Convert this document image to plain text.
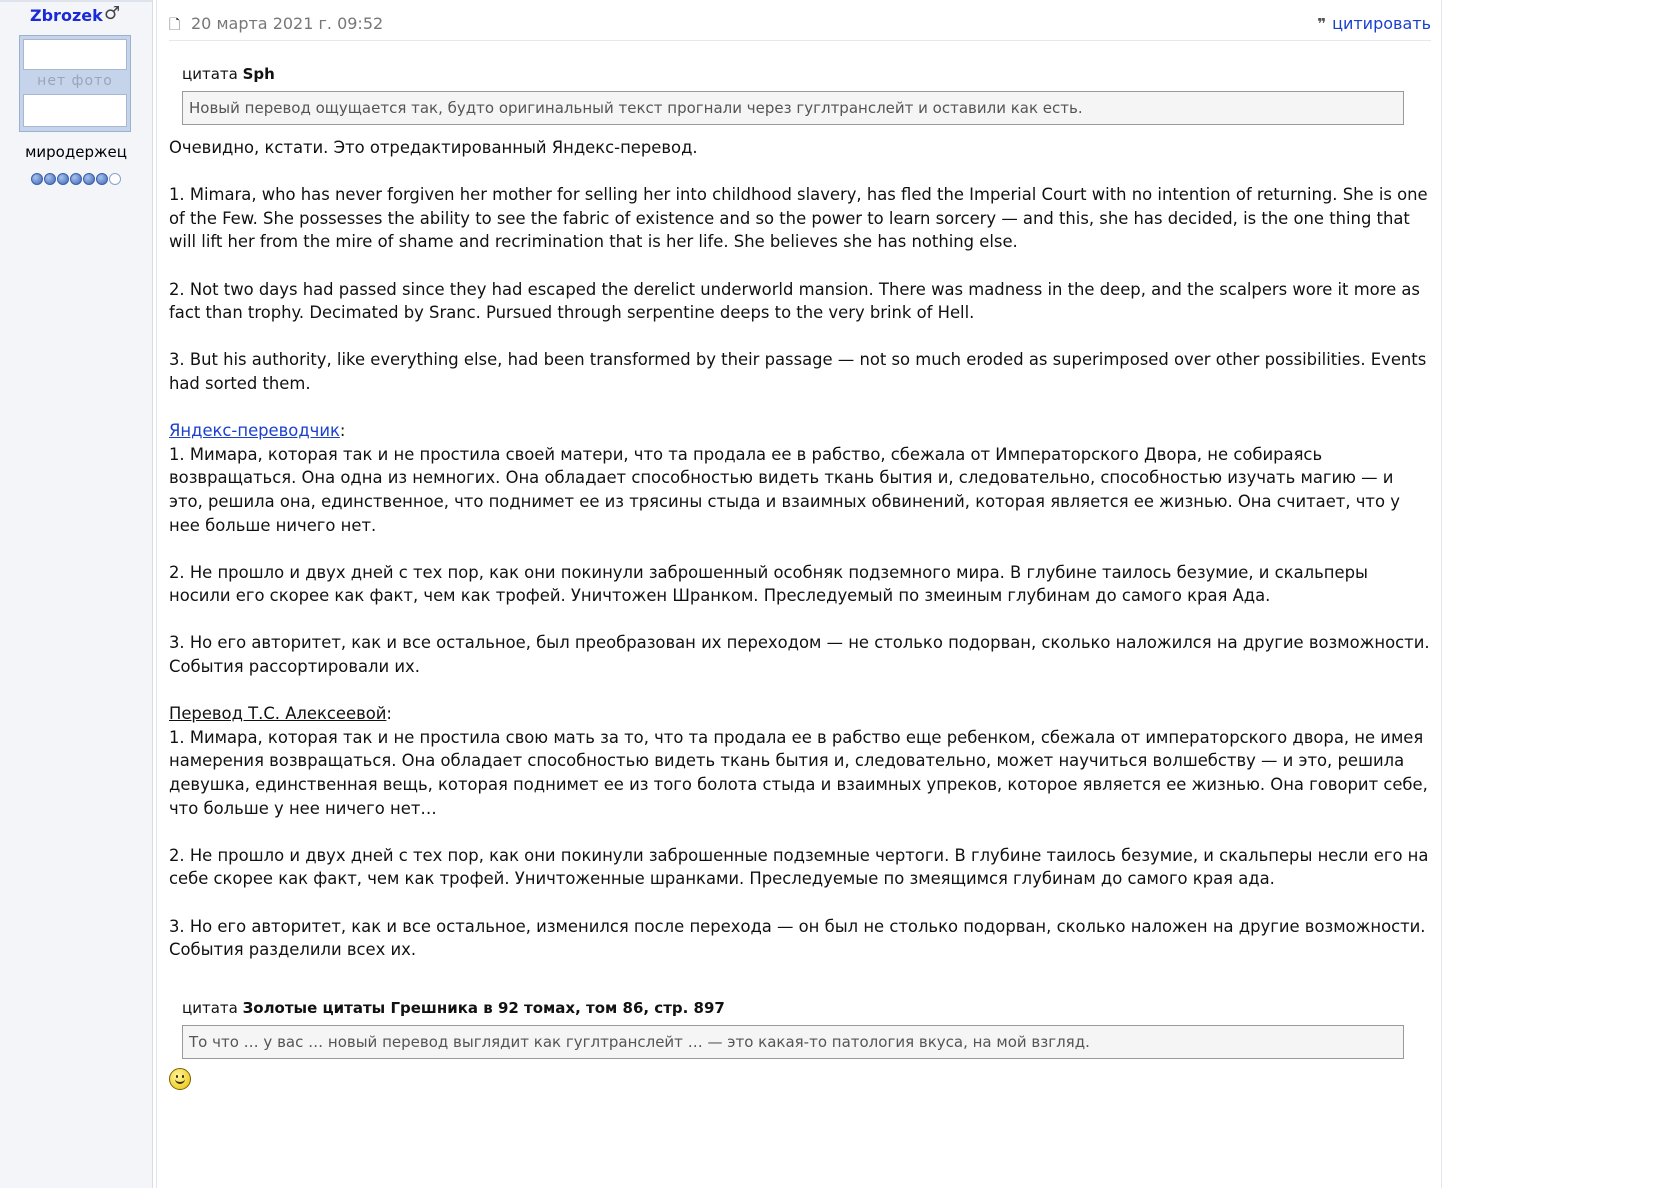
Zbrozek ♂
нет фото
миродержец
🗋 20 марта 2021 г. 09:52	❞ цитировать
цитата Sph
Новый перевод ощущается так, будто оригинальный текст прогнали через гуглтранслейт и оставили как есть.

Очевидно, кстати. Это отредактированный Яндекс-перевод.

1. Mimara, who has never forgiven her mother for selling her into childhood slavery, has fled the Imperial Court with no intention of returning. She is one of the Few. She possesses the ability to see the fabric of existence and so the power to learn sorcery — and this, she has decided, is the one thing that will lift her from the mire of shame and recrimination that is her life. She believes she has nothing else.

2. Not two days had passed since they had escaped the derelict underworld mansion. There was madness in the deep, and the scalpers wore it more as fact than trophy. Decimated by Sranc. Pursued through serpentine deeps to the very brink of Hell.

3. But his authority, like everything else, had been transformed by their passage — not so much eroded as superimposed over other possibilities. Events had sorted them.

Яндекс-переводчик:

1. Мимара, которая так и не простила своей матери, что та продала ее в рабство, сбежала от Императорского Двора, не собираясь возвращаться. Она одна из немногих. Она обладает способностью видеть ткань бытия и, следовательно, способностью изучать магию — и это, решила она, единственное, что поднимет ее из трясины стыда и взаимных обвинений, которая является ее жизнью. Она считает, что у нее больше ничего нет.

2. Не прошло и двух дней с тех пор, как они покинули заброшенный особняк подземного мира. В глубине таилось безумие, и скальперы носили его скорее как факт, чем как трофей. Уничтожен Шранком. Преследуемый по змеиным глубинам до самого края Ада.

3. Но его авторитет, как и все остальное, был преобразован их переходом — не столько подорван, сколько наложился на другие возможности. События рассортировали их.

Перевод Т.С. Алексеевой:

1. Мимара, которая так и не простила свою мать за то, что та продала ее в рабство еще ребенком, сбежала от императорского двора, не имея намерения возвращаться. Она обладает способностью видеть ткань бытия и, следовательно, может научиться волшебству — и это, решила девушка, единственная вещь, которая поднимет ее из того болота стыда и взаимных упреков, которое является ее жизнью. Она говорит себе, что больше у нее ничего нет…

2. Не прошло и двух дней с тех пор, как они покинули заброшенные подземные чертоги. В глубине таилось безумие, и скальперы несли его на себе скорее как факт, чем как трофей. Уничтоженные шранками. Преследуемые по змеящимся глубинам до самого края ада.

3. Но его авторитет, как и все остальное, изменился после перехода — он был не столько подорван, сколько наложен на другие возможности. События разделили всех их.

цитата Золотые цитаты Грешника в 92 томах, том 86, стр. 897
То что … у вас … новый перевод выглядит как гуглтранслейт … — это какая-то патология вкуса, на мой взгляд.
